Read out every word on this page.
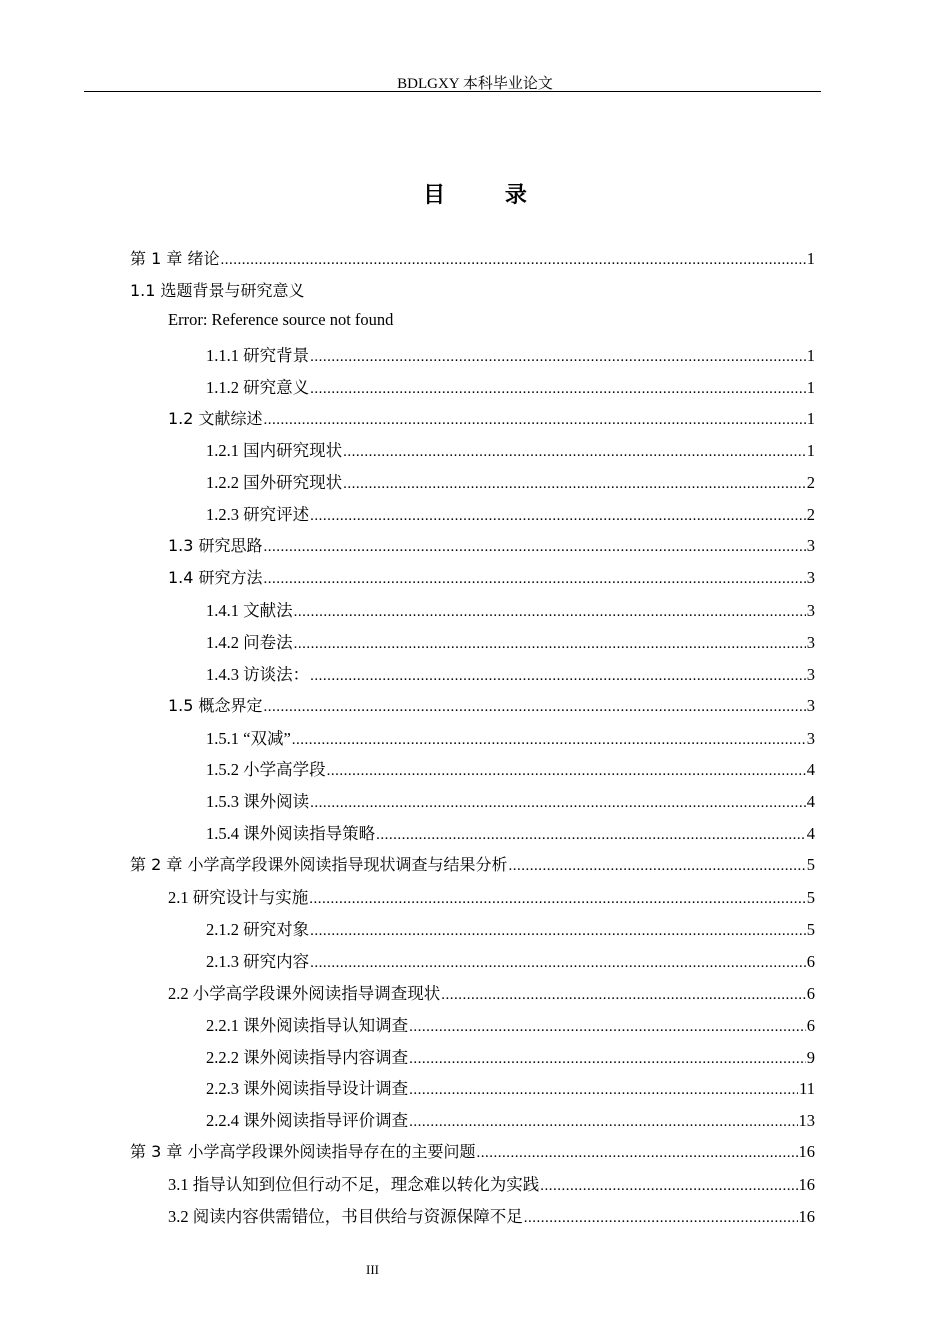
BDLGXY 本科毕业论文
目 录
第 1 章 绪论 .....	1
1.1 选题背景与研究意义
Error: Reference source not found
1.1.1 研究背景 .....	1
1.1.2 研究意义 .....	1
1.2 文献综述 .....	1
1.2.1 国内研究现状 .....	1
1.2.2 国外研究现状 .....	2
1.2.3 研究评述 .....	2
1.3 研究思路 .....	3
1.4 研究方法 .....	3
1.4.1 文献法 .....	3
1.4.2 问卷法 .....	3
1.4.3 访谈法： .....	3
1.5 概念界定 .....	3
1.5.1 “双减” .....	3
1.5.2 小学高学段 .....	4
1.5.3 课外阅读 .....	4
1.5.4 课外阅读指导策略 .....	4
第 2 章 小学高学段课外阅读指导现状调查与结果分析 .....	5
2.1 研究设计与实施 .....	5
2.1.2 研究对象 .....	5
2.1.3 研究内容 .....	6
2.2 小学高学段课外阅读指导调查现状 .....	6
2.2.1 课外阅读指导认知调查 .....	6
2.2.2 课外阅读指导内容调查 .....	9
2.2.3 课外阅读指导设计调查 .....	11
2.2.4 课外阅读指导评价调查 .....	13
第 3 章 小学高学段课外阅读指导存在的主要问题 .....	16
3.1 指导认知到位但行动不足，理念难以转化为实践 .....	16
3.2 阅读内容供需错位，书目供给与资源保障不足 .....	16
III
